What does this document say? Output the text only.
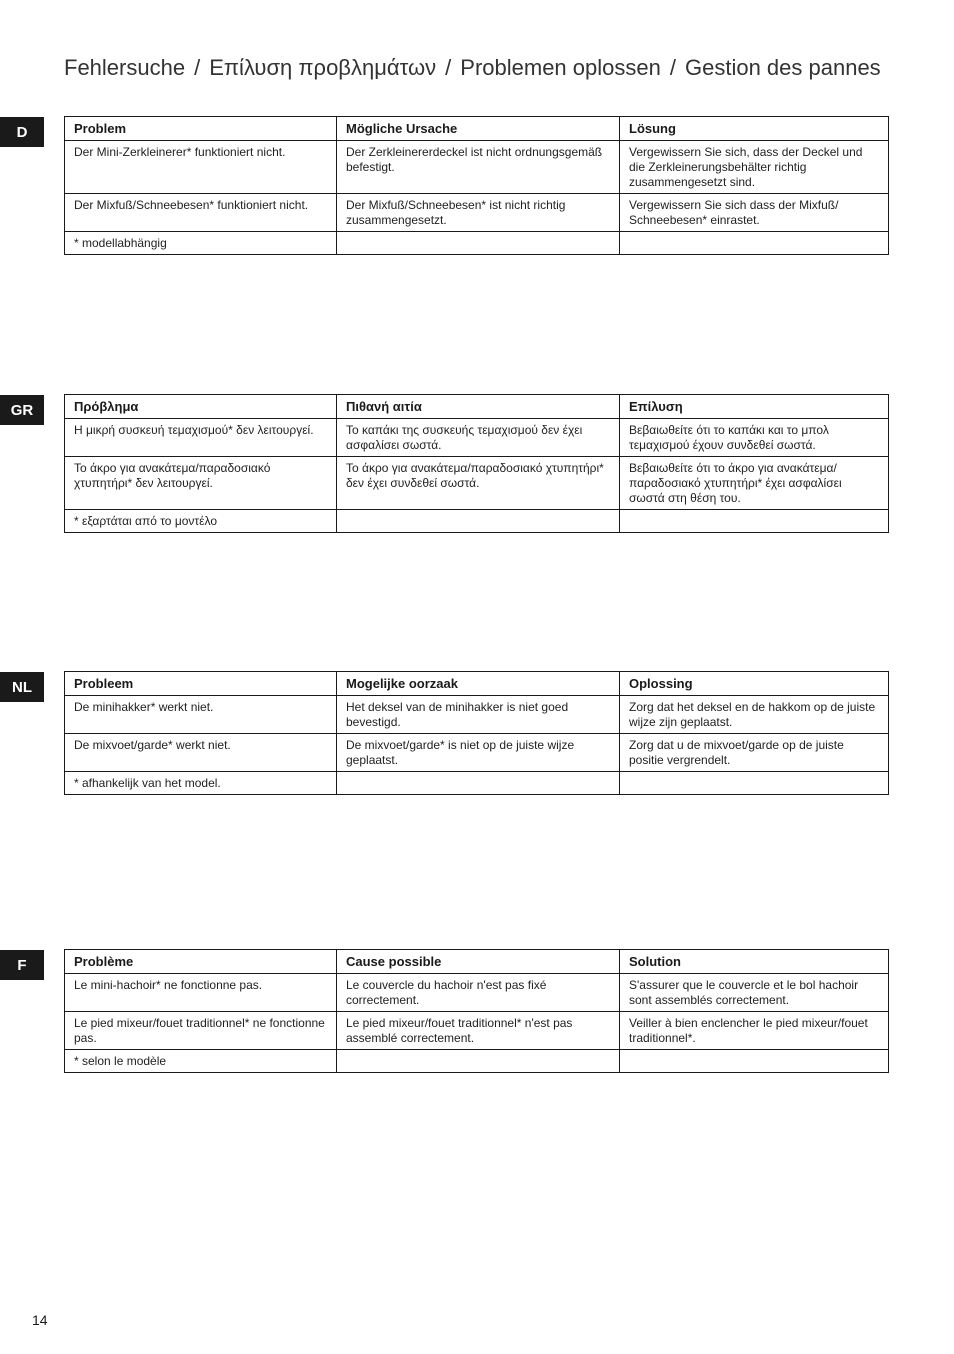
Fehlersuche / Επίλυση προβλημάτων / Problemen oplossen / Gestion des pannes
D	Problem	Mögliche Ursache	Lösung
Der Mini-Zerkleinerer* funktioniert nicht.	Der Zerkleinererdeckel ist nicht ordnungsgemäß befestigt.	Vergewissern Sie sich, dass der Deckel und die Zerkleinerungsbehälter richtig zusammengesetzt sind.
Der Mixfuß/Schneebesen* funktioniert nicht.	Der Mixfuß/Schneebesen* ist nicht richtig zusammengesetzt.	Vergewissern Sie sich dass der Mixfuß/ Schneebesen* einrastet.
* modellabhängig		
GR	Πρόβλημα	Πιθανή αιτία	Επίλυση
Η μικρή συσκευή τεμαχισμού* δεν λειτουργεί.	Το καπάκι της συσκευής τεμαχισμού δεν έχει ασφαλίσει σωστά.	Βεβαιωθείτε ότι το καπάκι και το μπολ τεμαχισμού έχουν συνδεθεί σωστά.
Το άκρο για ανακάτεμα/παραδοσιακό χτυπητήρι* δεν λειτουργεί.	Το άκρο για ανακάτεμα/παραδοσιακό χτυπητήρι* δεν έχει συνδεθεί σωστά.	Βεβαιωθείτε ότι το άκρο για ανακάτεμα/ παραδοσιακό χτυπητήρι* έχει ασφαλίσει σωστά στη θέση του.
* εξαρτάται από το μοντέλο		
NL	Probleem	Mogelijke oorzaak	Oplossing
De minihakker* werkt niet.	Het deksel van de minihakker is niet goed bevestigd.	Zorg dat het deksel en de hakkom op de juiste wijze zijn geplaatst.
De mixvoet/garde* werkt niet.	De mixvoet/garde* is niet op de juiste wijze geplaatst.	Zorg dat u de mixvoet/garde op de juiste positie vergrendelt.
* afhankelijk van het model.		
F	Problème	Cause possible	Solution
Le mini-hachoir* ne fonctionne pas.	Le couvercle du hachoir n'est pas fixé correctement.	S'assurer que le couvercle et le bol hachoir sont assemblés correctement.
Le pied mixeur/fouet traditionnel* ne fonctionne pas.	Le pied mixeur/fouet traditionnel* n'est pas assemblé correctement.	Veiller à bien enclencher le pied mixeur/fouet traditionnel*.
* selon le modèle		
14
